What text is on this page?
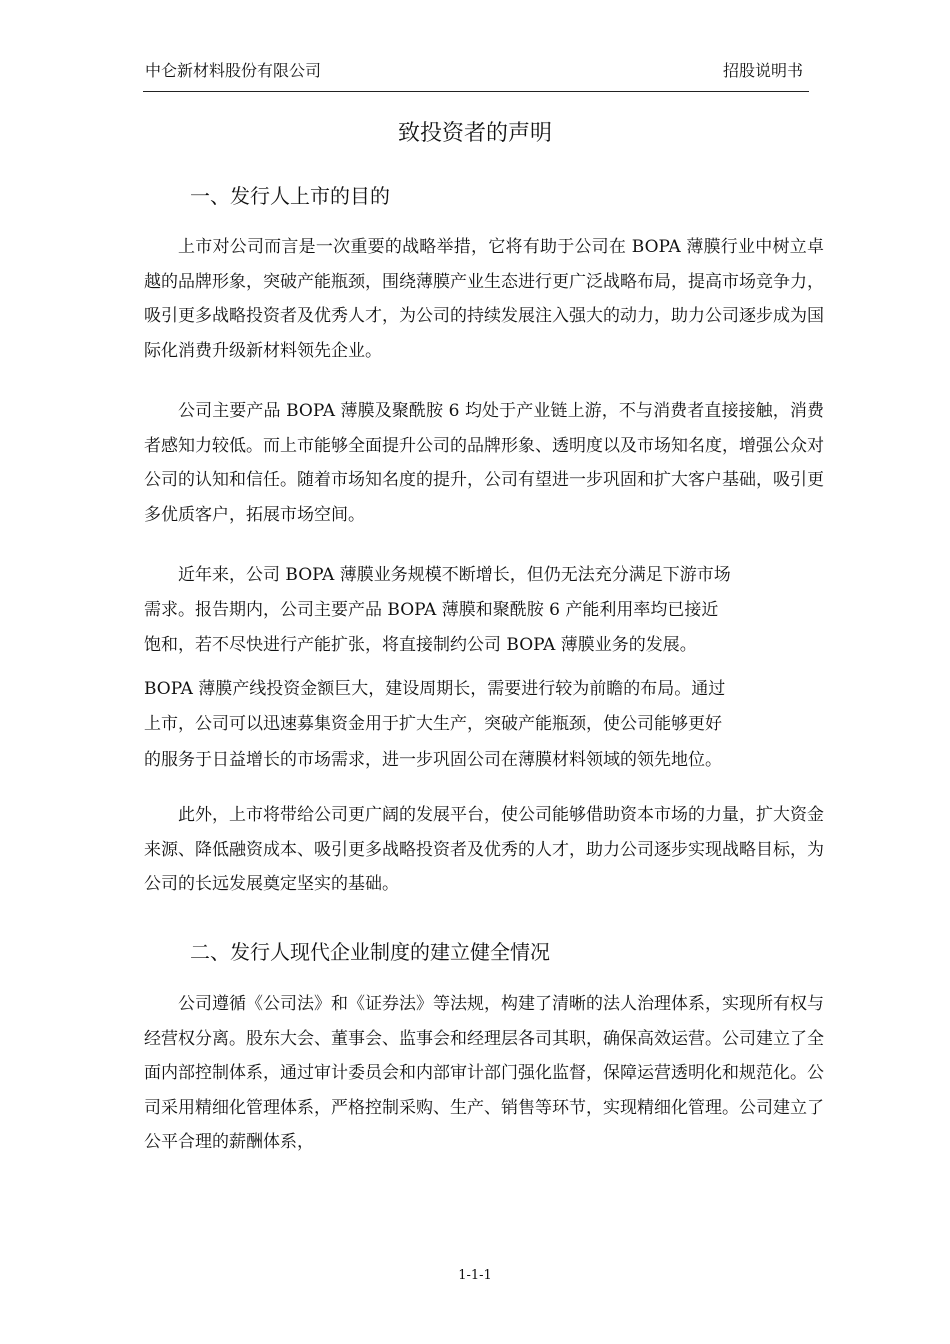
中仑新材料股份有限公司	招股说明书
致投资者的声明
一、发行人上市的目的

上市对公司而言是一次重要的战略举措，它将有助于公司在 BOPA 薄膜行业中树立卓越的品牌形象，突破产能瓶颈，围绕薄膜产业生态进行更广泛战略布局，提高市场竞争力，吸引更多战略投资者及优秀人才，为公司的持续发展注入强大的动力，助力公司逐步成为国际化消费升级新材料领先企业。

公司主要产品 BOPA 薄膜及聚酰胺 6 均处于产业链上游，不与消费者直接接触，消费者感知力较低。而上市能够全面提升公司的品牌形象、透明度以及市场知名度，增强公众对公司的认知和信任。随着市场知名度的提升，公司有望进一步巩固和扩大客户基础，吸引更多优质客户，拓展市场空间。

近年来，公司 BOPA 薄膜业务规模不断增长，但仍无法充分满足下游市场
需求。报告期内，公司主要产品 BOPA 薄膜和聚酰胺 6 产能利用率均已接近
饱和，若不尽快进行产能扩张，将直接制约公司 BOPA 薄膜业务的发展。
BOPA 薄膜产线投资金额巨大，建设周期长，需要进行较为前瞻的布局。通过
上市，公司可以迅速募集资金用于扩大生产，突破产能瓶颈，使公司能够更好
的服务于日益增长的市场需求，进一步巩固公司在薄膜材料领域的领先地位。

此外，上市将带给公司更广阔的发展平台，使公司能够借助资本市场的力量，扩大资金来源、降低融资成本、吸引更多战略投资者及优秀的人才，助力公司逐步实现战略目标，为公司的长远发展奠定坚实的基础。

二、发行人现代企业制度的建立健全情况

公司遵循《公司法》和《证券法》等法规，构建了清晰的法人治理体系，实现所有权与经营权分离。股东大会、董事会、监事会和经理层各司其职，确保高效运营。公司建立了全面内部控制体系，通过审计委员会和内部审计部门强化监督，保障运营透明化和规范化。公司采用精细化管理体系，严格控制采购、生产、销售等环节，实现精细化管理。公司建立了公平合理的薪酬体系，

1-1-1
